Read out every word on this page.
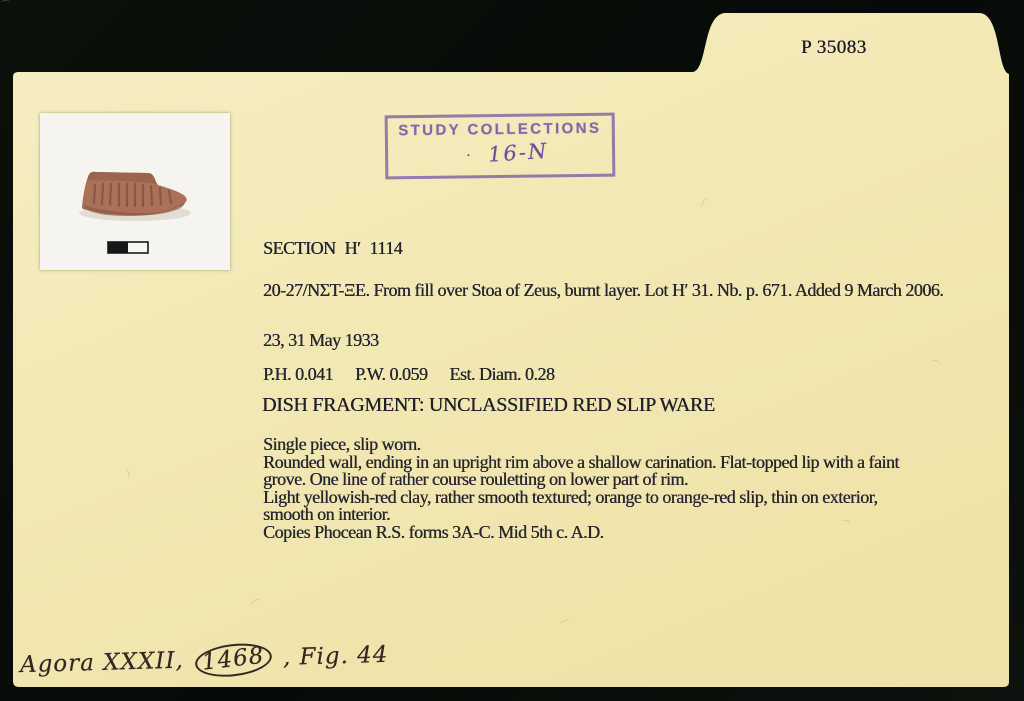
P 35083
STUDY COLLECTIONS
· 16-N
SECTION H′ 1114
20-27/ΝΣΤ-ΞΕ. From fill over Stoa of Zeus, burnt layer. Lot H′ 31. Nb. p. 671. Added 9 March 2006.
23, 31 May 1933
P.H. 0.041 P.W. 0.059 Est. Diam. 0.28
DISH FRAGMENT: UNCLASSIFIED RED SLIP WARE
Single piece, slip worn.
Rounded wall, ending in an upright rim above a shallow carination. Flat-topped lip with a faint
grove. One line of rather course rouletting on lower part of rim.
Light yellowish-red clay, rather smooth textured; orange to orange-red slip, thin on exterior,
smooth on interior.
Copies Phocean R.S. forms 3A-C. Mid 5th c. A.D.
Agora XXXII, 1468 , Fig. 44
